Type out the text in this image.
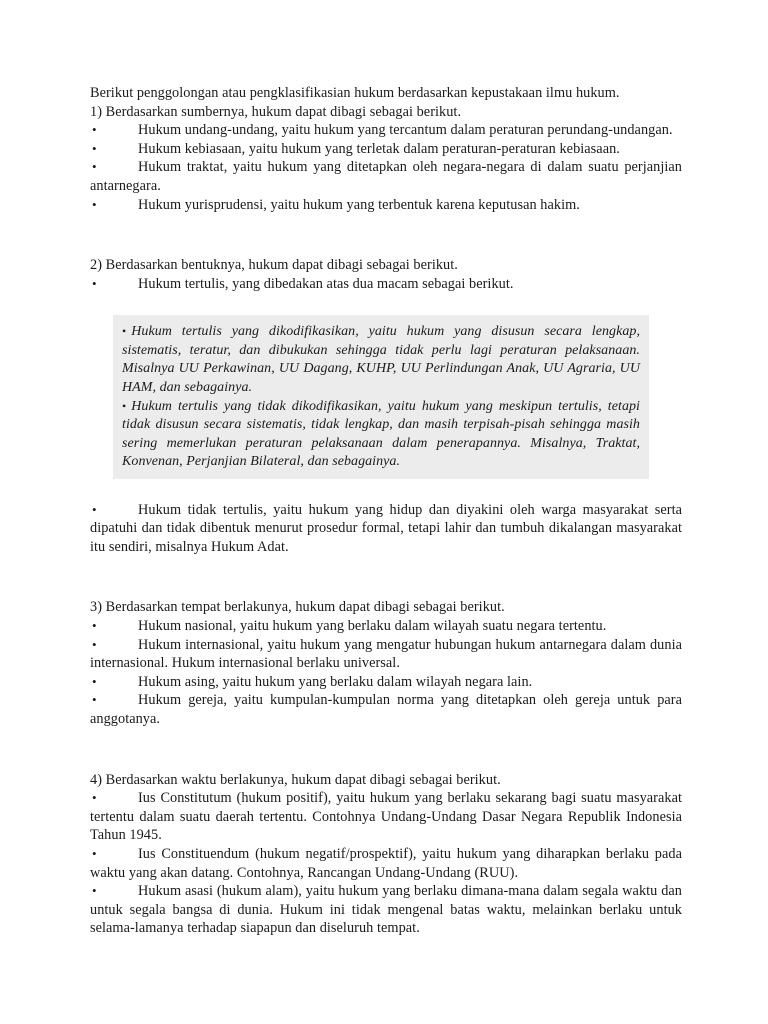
Berikut penggolongan atau pengklasifikasian hukum berdasarkan kepustakaan ilmu hukum.

1) Berdasarkan sumbernya, hukum dapat dibagi sebagai berikut.

•	Hukum undang-undang, yaitu hukum yang tercantum dalam peraturan perundang-undangan.
•	Hukum kebiasaan, yaitu hukum yang terletak dalam peraturan-peraturan kebiasaan.
•	Hukum traktat, yaitu hukum yang ditetapkan oleh negara-negara di dalam suatu perjanjian antarnegara.
•	Hukum yurisprudensi, yaitu hukum yang terbentuk karena keputusan hakim.

2) Berdasarkan bentuknya, hukum dapat dibagi sebagai berikut.

•	Hukum tertulis, yang dibedakan atas dua macam sebagai berikut.

• Hukum tertulis yang dikodifikasikan, yaitu hukum yang disusun secara lengkap, sistematis, teratur, dan dibukukan sehingga tidak perlu lagi peraturan pelaksanaan. Misalnya UU Perkawinan, UU Dagang, KUHP, UU Perlindungan Anak, UU Agraria, UU HAM, dan sebagainya.

• Hukum tertulis yang tidak dikodifikasikan, yaitu hukum yang meskipun tertulis, tetapi tidak disusun secara sistematis, tidak lengkap, dan masih terpisah-pisah sehingga masih sering memerlukan peraturan pelaksanaan dalam penerapannya. Misalnya, Traktat, Konvenan, Perjanjian Bilateral, dan sebagainya.

•	Hukum tidak tertulis, yaitu hukum yang hidup dan diyakini oleh warga masyarakat serta dipatuhi dan tidak dibentuk menurut prosedur formal, tetapi lahir dan tumbuh dikalangan masyarakat itu sendiri, misalnya Hukum Adat.

3) Berdasarkan tempat berlakunya, hukum dapat dibagi sebagai berikut.

•	Hukum nasional, yaitu hukum yang berlaku dalam wilayah suatu negara tertentu.
•	Hukum internasional, yaitu hukum yang mengatur hubungan hukum antarnegara dalam dunia internasional. Hukum internasional berlaku universal.
•	Hukum asing, yaitu hukum yang berlaku dalam wilayah negara lain.
•	Hukum gereja, yaitu kumpulan-kumpulan norma yang ditetapkan oleh gereja untuk para anggotanya.

4) Berdasarkan waktu berlakunya, hukum dapat dibagi sebagai berikut.

•	Ius Constitutum (hukum positif), yaitu hukum yang berlaku sekarang bagi suatu masyarakat tertentu dalam suatu daerah tertentu. Contohnya Undang-Undang Dasar Negara Republik Indonesia Tahun 1945.
•	Ius Constituendum (hukum negatif/prospektif), yaitu hukum yang diharapkan berlaku pada waktu yang akan datang. Contohnya, Rancangan Undang-Undang (RUU).
•	Hukum asasi (hukum alam), yaitu hukum yang berlaku dimana-mana dalam segala waktu dan untuk segala bangsa di dunia. Hukum ini tidak mengenal batas waktu, melainkan berlaku untuk selama-lamanya terhadap siapapun dan diseluruh tempat.
